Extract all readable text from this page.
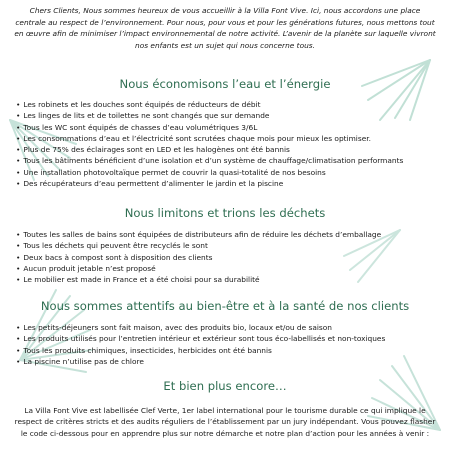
Chers Clients, Nous sommes heureux de vous accueillir à la Villa Font Vive. Ici, nous accordons une place centrale au respect de l’environnement. Pour nous, pour vous et pour les générations futures, nous mettons tout en œuvre afin de minimiser l’impact environnemental de notre activité. L’avenir de la planète sur laquelle vivront nos enfants est un sujet qui nous concerne tous.

Nous économisons l’eau et l’énergie
• Les robinets et les douches sont équipés de réducteurs de débit
• Les linges de lits et de toilettes ne sont changés que sur demande
• Tous les WC sont équipés de chasses d’eau volumétriques 3/6L
• Les consommations d’eau et l’électricité sont scrutées chaque mois pour mieux les optimiser.
• Plus de 75% des éclairages sont en LED et les halogènes ont été bannis
• Tous les bâtiments bénéficient d’une isolation et d’un système de chauffage/climatisation performants
• Une installation photovoltaïque permet de couvrir la quasi-totalité de nos besoins
• Des récupérateurs d’eau permettent d’alimenter le jardin et la piscine
Nous limitons et trions les déchets
• Toutes les salles de bains sont équipées de distributeurs afin de réduire les déchets d’emballage
• Tous les déchets qui peuvent être recyclés le sont
• Deux bacs à compost sont à disposition des clients
• Aucun produit jetable n’est proposé
• Le mobilier est made in France et a été choisi pour sa durabilité
Nous sommes attentifs au bien-être et à la santé de nos clients
• Les petits-déjeuners sont fait maison, avec des produits bio, locaux et/ou de saison
• Les produits utilisés pour l’entretien intérieur et extérieur sont tous éco-labellisés et non-toxiques
• Tous les produits chimiques, insecticides, herbicides ont été bannis
• La piscine n’utilise pas de chlore
Et bien plus encore…

La Villa Font Vive est labellisée Clef Verte, 1er label international pour le tourisme durable ce qui implique le respect de critères stricts et des audits réguliers de l’établissement par un jury indépendant. Vous pouvez flasher le code ci-dessous pour en apprendre plus sur notre démarche et notre plan d’action pour les années à venir :
